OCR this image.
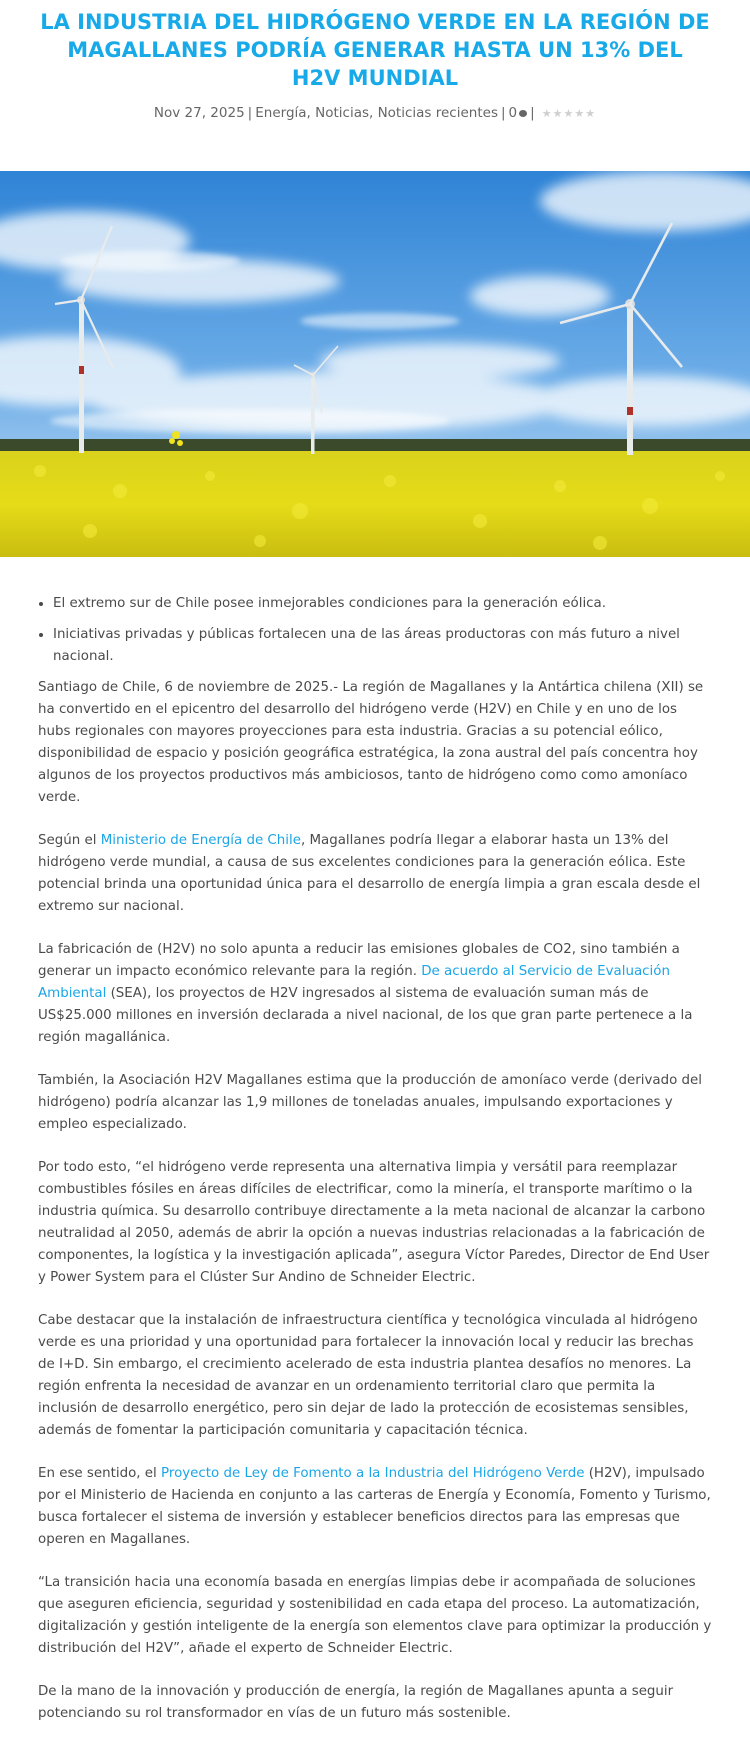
LA INDUSTRIA DEL HIDRÓGENO VERDE EN LA REGIÓN DE MAGALLANES PODRÍA GENERAR HASTA UN 13% DEL H2V MUNDIAL
Nov 27, 2025 | Energía, Noticias, Noticias recientes | 0 | ★★★★★
• El extremo sur de Chile posee inmejorables condiciones para la generación eólica.
• Iniciativas privadas y públicas fortalecen una de las áreas productoras con más futuro a nivel nacional.

Santiago de Chile, 6 de noviembre de 2025.- La región de Magallanes y la Antártica chilena (XII) se ha convertido en el epicentro del desarrollo del hidrógeno verde (H2V) en Chile y en uno de los hubs regionales con mayores proyecciones para esta industria. Gracias a su potencial eólico, disponibilidad de espacio y posición geográfica estratégica, la zona austral del país concentra hoy algunos de los proyectos productivos más ambiciosos, tanto de hidrógeno como como amoníaco verde.

Según el Ministerio de Energía de Chile, Magallanes podría llegar a elaborar hasta un 13% del hidrógeno verde mundial, a causa de sus excelentes condiciones para la generación eólica. Este potencial brinda una oportunidad única para el desarrollo de energía limpia a gran escala desde el extremo sur nacional.

La fabricación de (H2V) no solo apunta a reducir las emisiones globales de CO2, sino también a generar un impacto económico relevante para la región. De acuerdo al Servicio de Evaluación Ambiental (SEA), los proyectos de H2V ingresados al sistema de evaluación suman más de US$25.000 millones en inversión declarada a nivel nacional, de los que gran parte pertenece a la región magallánica.

También, la Asociación H2V Magallanes estima que la producción de amoníaco verde (derivado del hidrógeno) podría alcanzar las 1,9 millones de toneladas anuales, impulsando exportaciones y empleo especializado.

Por todo esto, “el hidrógeno verde representa una alternativa limpia y versátil para reemplazar combustibles fósiles en áreas difíciles de electrificar, como la minería, el transporte marítimo o la industria química. Su desarrollo contribuye directamente a la meta nacional de alcanzar la carbono neutralidad al 2050, además de abrir la opción a nuevas industrias relacionadas a la fabricación de componentes, la logística y la investigación aplicada”, asegura Víctor Paredes, Director de End User y Power System para el Clúster Sur Andino de Schneider Electric.

Cabe destacar que la instalación de infraestructura científica y tecnológica vinculada al hidrógeno verde es una prioridad y una oportunidad para fortalecer la innovación local y reducir las brechas de I+D. Sin embargo, el crecimiento acelerado de esta industria plantea desafíos no menores. La región enfrenta la necesidad de avanzar en un ordenamiento territorial claro que permita la inclusión de desarrollo energético, pero sin dejar de lado la protección de ecosistemas sensibles, además de fomentar la participación comunitaria y capacitación técnica.

En ese sentido, el Proyecto de Ley de Fomento a la Industria del Hidrógeno Verde (H2V), impulsado por el Ministerio de Hacienda en conjunto a las carteras de Energía y Economía, Fomento y Turismo, busca fortalecer el sistema de inversión y establecer beneficios directos para las empresas que operen en Magallanes.

“La transición hacia una economía basada en energías limpias debe ir acompañada de soluciones que aseguren eficiencia, seguridad y sostenibilidad en cada etapa del proceso. La automatización, digitalización y gestión inteligente de la energía son elementos clave para optimizar la producción y distribución del H2V”, añade el experto de Schneider Electric.

De la mano de la innovación y producción de energía, la región de Magallanes apunta a seguir potenciando su rol transformador en vías de un futuro más sostenible.
